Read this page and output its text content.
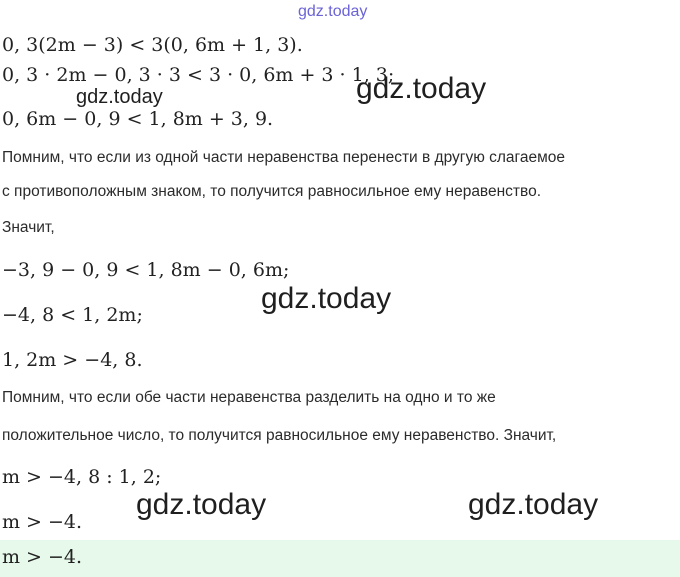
gdz.today
0, 3(2m − 3) < 3(0, 6m + 1, 3).
0, 3 · 2m − 0, 3 · 3 < 3 · 0, 6m + 3 · 1, 3;
gdz.today	gdz.today
0, 6m − 0, 9 < 1, 8m + 3, 9.
Помним, что если из одной части неравенства перенести в другую слагаемое
с противоположным знаком, то получится равносильное ему неравенство.
Значит,
−3, 9 − 0, 9 < 1, 8m − 0, 6m;
gdz.today
−4, 8 < 1, 2m;
1, 2m > −4, 8.
Помним, что если обе части неравенства разделить на одно и то же
положительное число, то получится равносильное ему неравенство. Значит,
m > −4, 8 : 1, 2;
gdz.today	gdz.today
m > −4.
m > −4.
